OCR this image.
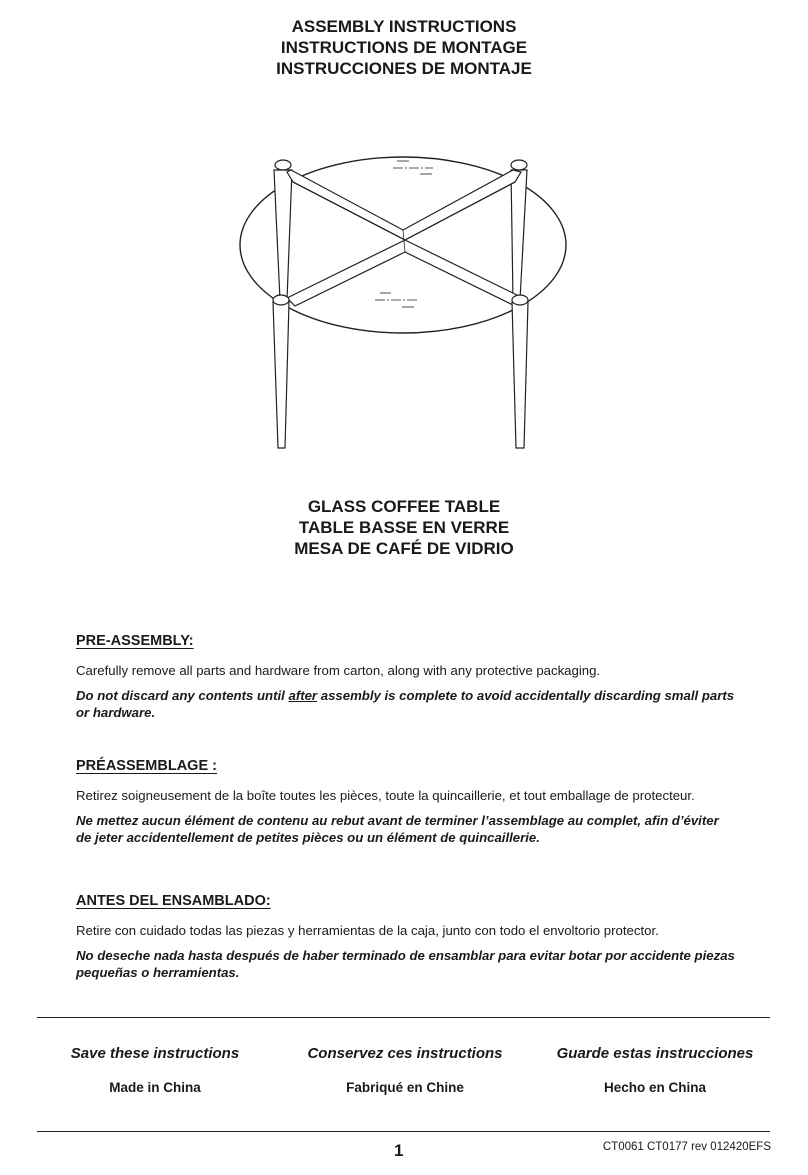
ASSEMBLY INSTRUCTIONS
INSTRUCTIONS DE MONTAGE
INSTRUCCIONES DE MONTAJE
GLASS COFFEE TABLE
TABLE BASSE EN VERRE
MESA DE CAFÉ DE VIDRIO
PRE-ASSEMBLY:

Carefully remove all parts and hardware from carton, along with any protective packaging.

Do not discard any contents until after assembly is complete to avoid accidentally discarding small parts or hardware.

PRÉASSEMBLAGE :

Retirez soigneusement de la boîte toutes les pièces, toute la quincaillerie, et tout emballage de protecteur.

Ne mettez aucun élément de contenu au rebut avant de terminer l’assemblage au complet, afin d’éviter de jeter accidentellement de petites pièces ou un élément de quincaillerie.

ANTES DEL ENSAMBLADO:

Retire con cuidado todas las piezas y herramientas de la caja, junto con todo el envoltorio protector.

No deseche nada hasta después de haber terminado de ensamblar para evitar botar por accidente piezas pequeñas o herramientas.

Save these instructions	Conservez ces instructions	Guarde estas instrucciones
Made in China	Fabriqué en Chine	Hecho en China
1	CT0061 CT0177 rev 012420EFS
